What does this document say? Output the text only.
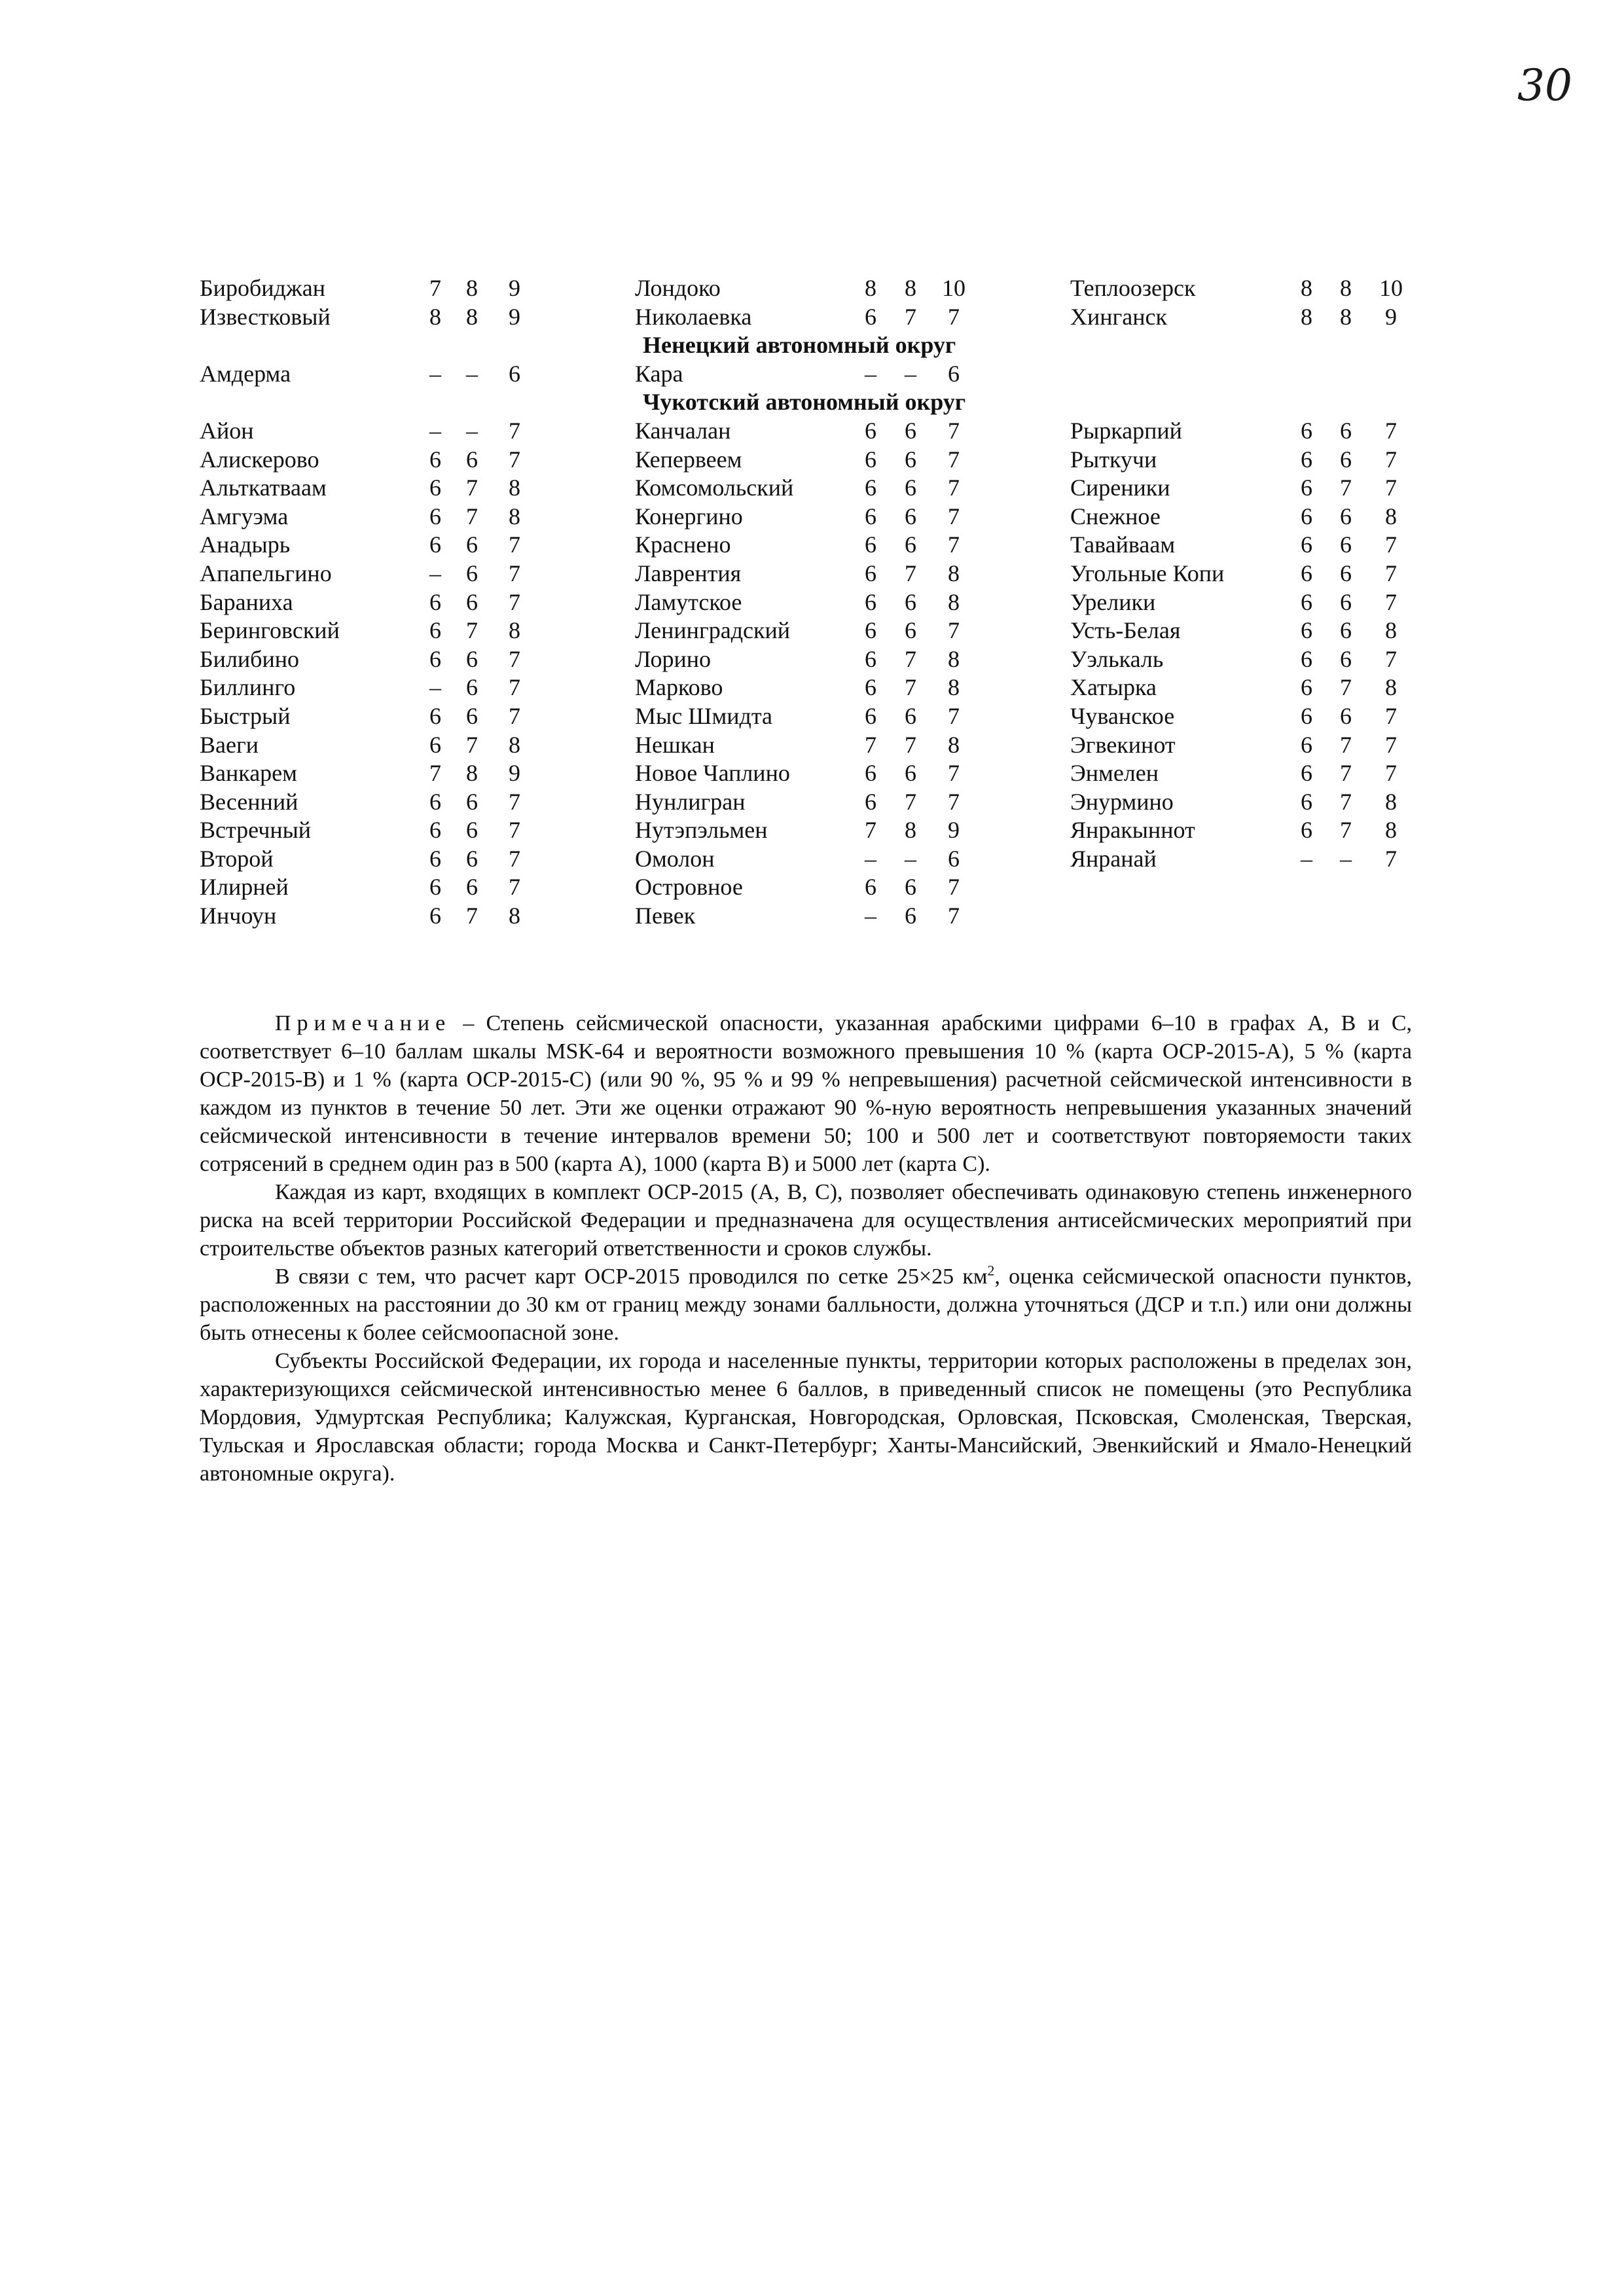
30
Биробиджан	7 8 9	Лондоко	8 8 10	Теплоозерск	8 8 10
Известковый	8 8 9	Николаевка	6 7	7	Хинганск	8 8	9
Ненецкий автономный округ
Амдерма	– – 6	Кара	– –	6
Чукотский автономный округ
Айон	– – 7	Канчалан	6 6	7	Рыркарпий	6 6	7
Алискерово	6 6 7	Кепервеем	6 6	7	Рыткучи	6 6	7
Альткатваам	6 7 8	Комсомольский	6 6	7	Сиреники	6 7	7
Амгуэма	6 7 8	Конергино	6 6	7	Снежное	6 6	8
Анадырь	6 6 7	Краснено	6 6	7	Тавайваам	6 6	7
Апапельгино	– 6 7	Лаврентия	6 7	8	Угольные Копи	6 6	7
Бараниха	6 6 7	Ламутское	6 6	8	Урелики	6 6	7
Беринговский	6 7 8	Ленинградский	6 6	7	Усть-Белая	6 6	8
Билибино	6 6 7	Лорино	6 7	8	Уэлькаль	6 6	7
Биллинго	– 6 7	Марково	6 7	8	Хатырка	6 7	8
Быстрый	6 6 7	Мыс Шмидта	6 6	7	Чуванское	6 6	7
Ваеги	6 7 8	Нешкан	7 7	8	Эгвекинот	6 7	7
Ванкарем	7 8 9	Новое Чаплино	6 6	7	Энмелен	6 7	7
Весенний	6 6 7	Нунлигран	6 7	7	Энурмино	6 7	8
Встречный	6 6 7	Нутэпэльмен	7 8	9	Янракыннот	6 7	8
Второй	6 6 7	Омолон	– –	6	Янранай	– –	7
Илирней	6 6 7	Островное	6 6	7
Инчоун	6 7 8	Певек	– 6	7

Примечание – Степень сейсмической опасности, указанная арабскими цифрами 6–10 в графах А, В и С, соответствует 6–10 баллам шкалы MSK-64 и вероятности возможного превышения 10 % (карта ОСР-2015-А), 5 % (карта ОСР-2015-В) и 1 % (карта ОСР-2015-С) (или 90 %, 95 % и 99 % непревышения) расчетной сейсмической интенсивности в каждом из пунктов в течение 50 лет. Эти же оценки отражают 90 %-ную вероятность непревышения указанных значений сейсмической интенсивности в течение интервалов времени 50; 100 и 500 лет и соответствуют повторяемости таких сотрясений в среднем один раз в 500 (карта А), 1000 (карта В) и 5000 лет (карта С).

Каждая из карт, входящих в комплект ОСР-2015 (А, В, С), позволяет обеспечивать одинаковую степень инженерного риска на всей территории Российской Федерации и предназначена для осуществления антисейсмических мероприятий при строительстве объектов разных категорий ответственности и сроков службы.

В связи с тем, что расчет карт ОСР-2015 проводился по сетке 25×25 $км^2$, оценка сейсмической опасности пунктов, расположенных на расстоянии до 30 км от границ между зонами балльности, должна уточняться (ДСР и т.п.) или они должны быть отнесены к более сейсмоопасной зоне.

Субъекты Российской Федерации, их города и населенные пункты, территории которых расположены в пределах зон, характеризующихся сейсмической интенсивностью менее 6 баллов, в приведенный список не помещены (это Республика Мордовия, Удмуртская Республика; Калужская, Курганская, Новгородская, Орловская, Псковская, Смоленская, Тверская, Тульская и Ярославская области; города Москва и Санкт-Петербург; Ханты-Мансийский, Эвенкийский и Ямало-Ненецкий автономные округа).
